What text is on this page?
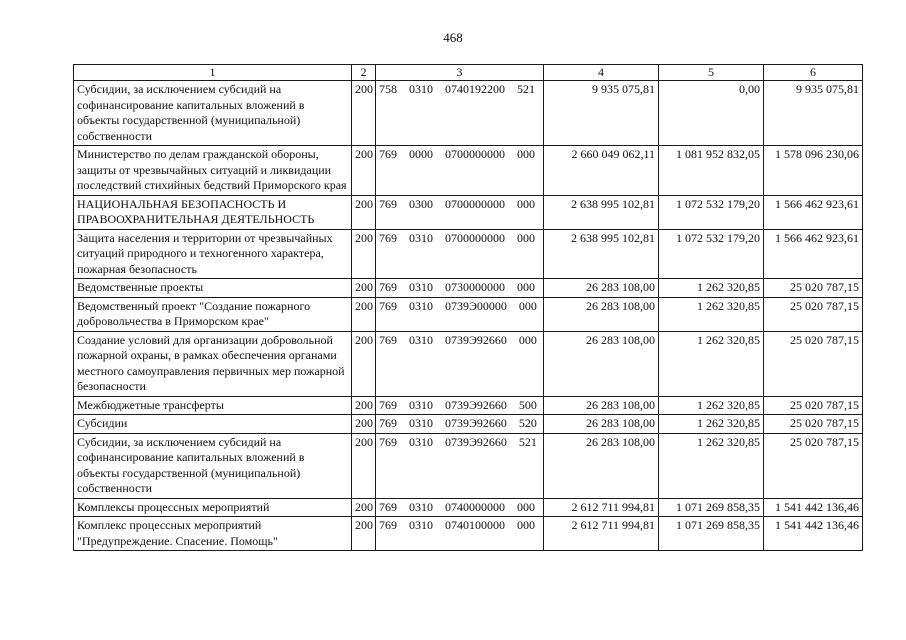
468
1	2	3	4	5	6
Субсидии, за исключением субсидий на софинансирование капитальных вложений в объекты государственной (муниципальной) собственности	200	758  0310  0740192200  521	9 935 075,81	0,00	9 935 075,81
Министерство по делам гражданской обороны, защиты от чрезвычайных ситуаций и ликвидации последствий стихийных бедствий Приморского края	200	769  0000  0700000000  000	2 660 049 062,11	1 081 952 832,05	1 578 096 230,06
НАЦИОНАЛЬНАЯ БЕЗОПАСНОСТЬ И ПРАВООХРАНИТЕЛЬНАЯ ДЕЯТЕЛЬНОСТЬ	200	769  0300  0700000000  000	2 638 995 102,81	1 072 532 179,20	1 566 462 923,61
Защита населения и территории от чрезвычайных ситуаций природного и техногенного характера, пожарная безопасность	200	769  0310  0700000000  000	2 638 995 102,81	1 072 532 179,20	1 566 462 923,61
Ведомственные проекты	200	769  0310  0730000000  000	26 283 108,00	1 262 320,85	25 020 787,15
Ведомственный проект "Создание пожарного добровольчества в Приморском крае"	200	769  0310  0739Э00000  000	26 283 108,00	1 262 320,85	25 020 787,15
Создание условий для организации добровольной пожарной охраны, в рамках обеспечения органами местного самоуправления первичных мер пожарной безопасности	200	769  0310  0739Э92660  000	26 283 108,00	1 262 320,85	25 020 787,15
Межбюджетные трансферты	200	769  0310  0739Э92660  500	26 283 108,00	1 262 320,85	25 020 787,15
Субсидии	200	769  0310  0739Э92660  520	26 283 108,00	1 262 320,85	25 020 787,15
Субсидии, за исключением субсидий на софинансирование капитальных вложений в объекты государственной (муниципальной) собственности	200	769  0310  0739Э92660  521	26 283 108,00	1 262 320,85	25 020 787,15
Комплексы процессных мероприятий	200	769  0310  0740000000  000	2 612 711 994,81	1 071 269 858,35	1 541 442 136,46
Комплекс процессных мероприятий "Предупреждение. Спасение. Помощь"	200	769  0310  0740100000  000	2 612 711 994,81	1 071 269 858,35	1 541 442 136,46
